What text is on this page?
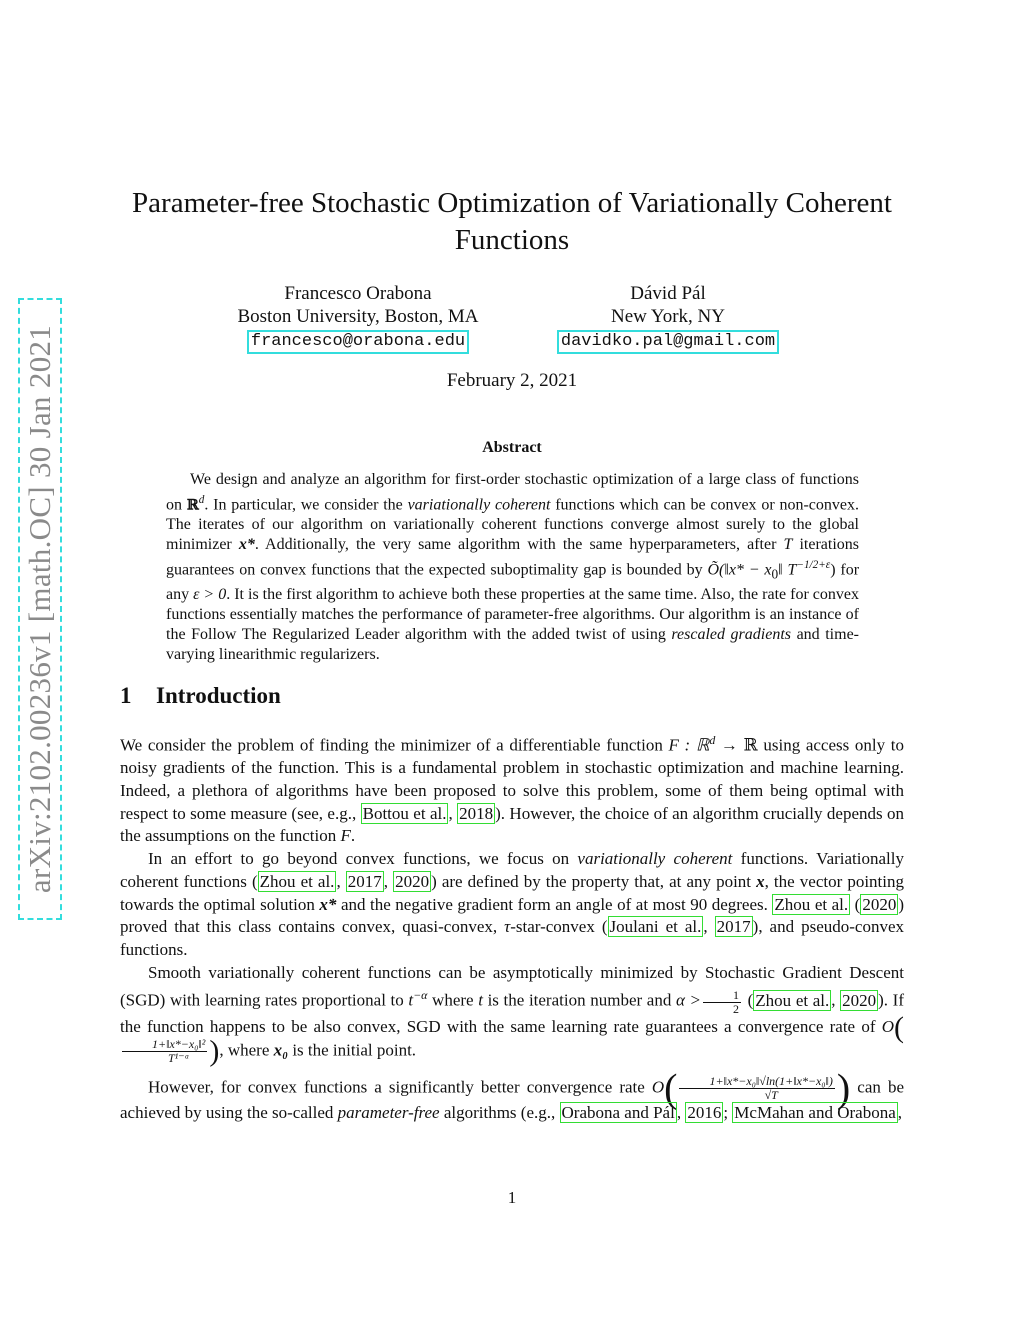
arXiv:2102.00236v1 [math.OC] 30 Jan 2021
Parameter-free Stochastic Optimization of Variationally Coherent Functions
Francesco Orabona
Boston University, Boston, MA
francesco@orabona.edu
Dávid Pál
New York, NY
davidko.pal@gmail.com
February 2, 2021
Abstract
We design and analyze an algorithm for first-order stochastic optimization of a large class of functions on ℝ$^d$. In particular, we consider the variationally coherent functions which can be convex or non-convex. The iterates of our algorithm on variationally coherent functions converge almost surely to the global minimizer x*. Additionally, the very same algorithm with the same hyperparameters, after T iterations guarantees on convex functions that the expected suboptimality gap is bounded by Õ(‖x* − $x_0‖$ $T^{-1/2+\varepsilon}$) for any ε > 0. It is the first algorithm to achieve both these properties at the same time. Also, the rate for convex functions essentially matches the performance of parameter-free algorithms. Our algorithm is an instance of the Follow The Regularized Leader algorithm with the added twist of using rescaled gradients and time-varying linearithmic regularizers.
1 Introduction

We consider the problem of finding the minimizer of a differentiable function F : ℝ$^d$ → ℝ using access only to noisy gradients of the function. This is a fundamental problem in stochastic optimization and machine learning. Indeed, a plethora of algorithms have been proposed to solve this problem, some of them being optimal with respect to some measure (see, e.g., Bottou et al. , 2018 ). However, the choice of an algorithm crucially depends on the assumptions on the function F.

In an effort to go beyond convex functions, we focus on variationally coherent functions. Variationally coherent functions ( Zhou et al. , 2017 , 2020 ) are defined by the property that, at any point x, the vector pointing towards the optimal solution x* and the negative gradient form an angle of at most 90 degrees. Zhou et al. ( 2020 ) proved that this class contains convex, quasi-convex, τ-star-convex ( Joulani et al. , 2017 ), and pseudo-convex functions.

Smooth variationally coherent functions can be asymptotically minimized by Stochastic Gradient Descent (SGD) with learning rates proportional to $t^{-\alpha}$ where t is the iteration number and $\alpha > \frac{1}{2}$ ( Zhou et al. , 2020 ). If the function happens to be also convex, SGD with the same learning rate guarantees a convergence rate of O(
$\frac{\text{1+‖x*−x₀‖²}}{\text{T¹⁻ᵅ}}$ ), where x₀ is the initial point.

However, for convex functions a significantly better convergence rate $O( \frac{\text{1+‖x*−x₀‖√ln(1+‖x*−x₀‖)}}{√T}$ ) can be achieved by using the so-called parameter-free algorithms (e.g., Orabona and Pál , 2016 ; McMahan and Orabona ,

1
